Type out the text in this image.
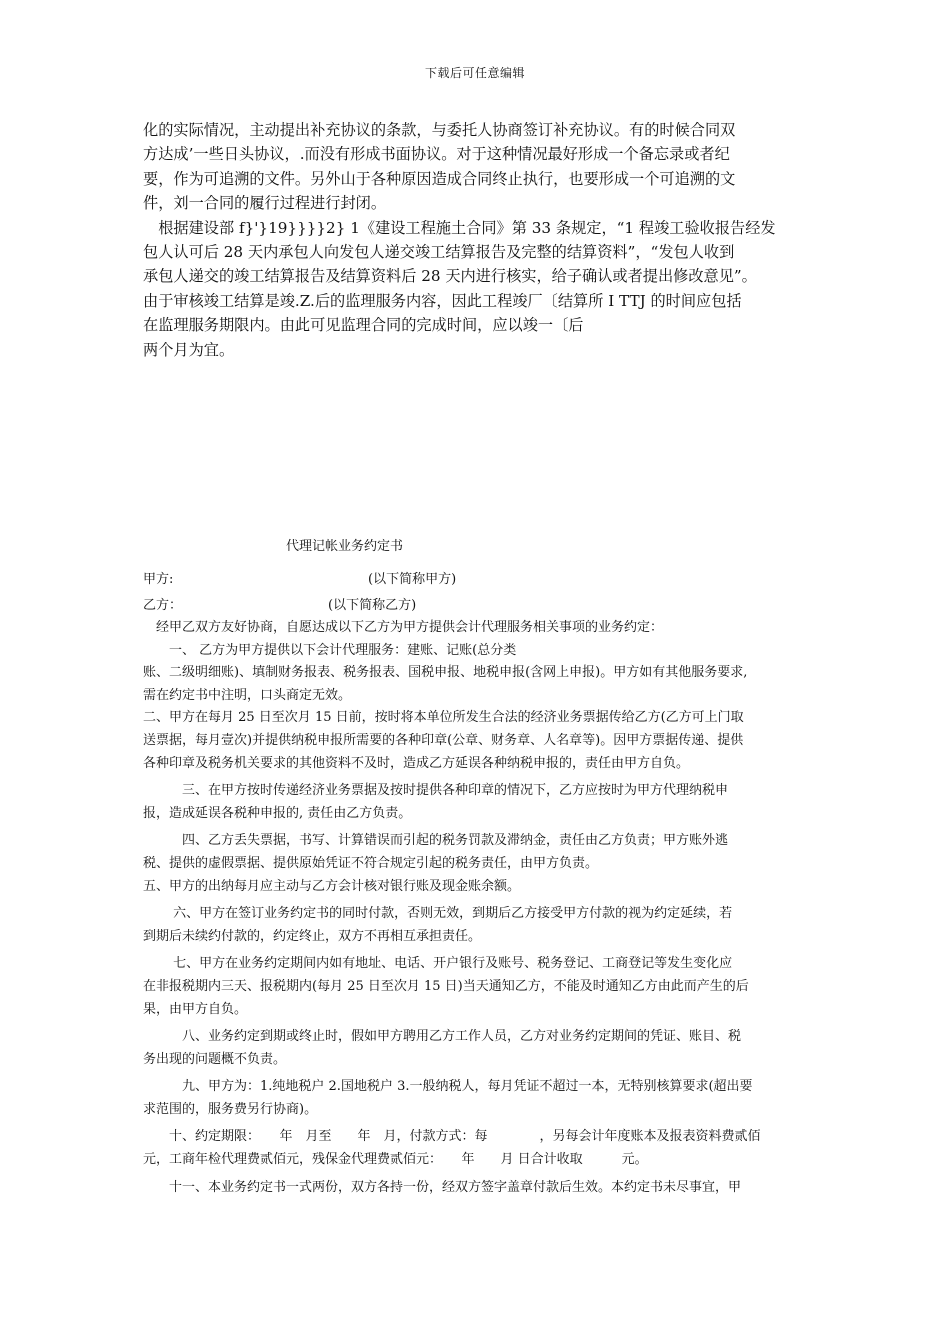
下载后可任意编辑
化的实际情况，主动提出补充协议的条款，与委托人协商签订补充协议。有的时候合同双
方达成’一些日头协议，.而没有形成书面协议。对于这种情况最好形成一个备忘录或者纪
要，作为可追溯的文件。另外山于各种原因造成合同终止执行，也要形成一个可追溯的文
件，刘一合同的履行过程进行封闭。
　根据建设部 f}'}19}}}}2} 1《建设工程施土合同》第 33 条规定，“1 程竣工验收报告经发
包人认可后 28 天内承包人向发包人递交竣工结算报告及完整的结算资料”，“发包人收到
承包人递交的竣工结算报告及结算资料后 28 天内进行核实，给子确认或者提出修改意见”。
由于审核竣工结算是竣.Z.后的监理服务内容，因此工程竣厂〔结算所 I TTJ 的时间应包括
在监理服务期限内。由此可见监理合同的完成时间，应以竣一〔后
两个月为宜。
代理记帐业务约定书
甲方:	(以下简称甲方)
乙方：	(以下简称乙方)
　经甲乙双方友好协商，自愿达成以下乙方为甲方提供会计代理服务相关事项的业务约定：
　　一、 乙方为甲方提供以下会计代理服务：建账、记账(总分类
账、二级明细账)、填制财务报表、税务报表、国税申报、地税申报(含网上申报)。甲方如有其他服务要求,
需在约定书中注明，口头商定无效。
二、甲方在每月 25 日至次月 15 日前，按时将本单位所发生合法的经济业务票据传给乙方(乙方可上门取
送票据，每月壹次)并提供纳税申报所需要的各种印章(公章、财务章、人名章等)。因甲方票据传递、提供
各种印章及税务机关要求的其他资料不及时，造成乙方延误各种纳税申报的，责任由甲方自负。
　　　三、在甲方按时传递经济业务票据及按时提供各种印章的情况下，乙方应按时为甲方代理纳税申
报，造成延误各税种申报的, 责任由乙方负责。
　　　四、乙方丢失票据，书写、计算错误而引起的税务罚款及滞纳金，责任由乙方负责；甲方账外逃
税、提供的虚假票据、提供原始凭证不符合规定引起的税务责任，由甲方负责。
五、甲方的出纳每月应主动与乙方会计核对银行账及现金账余额。
　　 六、甲方在签订业务约定书的同时付款，否则无效，到期后乙方接受甲方付款的视为约定延续，若
到期后未续约付款的，约定终止，双方不再相互承担责任。
　　 七、甲方在业务约定期间内如有地址、电话、开户银行及账号、税务登记、工商登记等发生变化应
在非报税期内三天、报税期内(每月 25 日至次月 15 日)当天通知乙方，不能及时通知乙方由此而产生的后
果，由甲方自负。
　　　八、业务约定到期或终止时，假如甲方聘用乙方工作人员，乙方对业务约定期间的凭证、账目、税
务出现的问题概不负责。
　　　九、甲方为：1.纯地税户 2.国地税户 3.一般纳税人，每月凭证不超过一本，无特别核算要求(超出要
求范围的，服务费另行协商)。
　　十、约定期限：　　年　月至　　年　月，付款方式：每　　　　，另每会计年度账本及报表资料费贰佰
元，工商年检代理费贰佰元，残保金代理费贰佰元：　　年　　月 日合计收取　　　元。
　　十一、本业务约定书一式两份，双方各持一份，经双方签字盖章付款后生效。本约定书未尽事宜，甲
